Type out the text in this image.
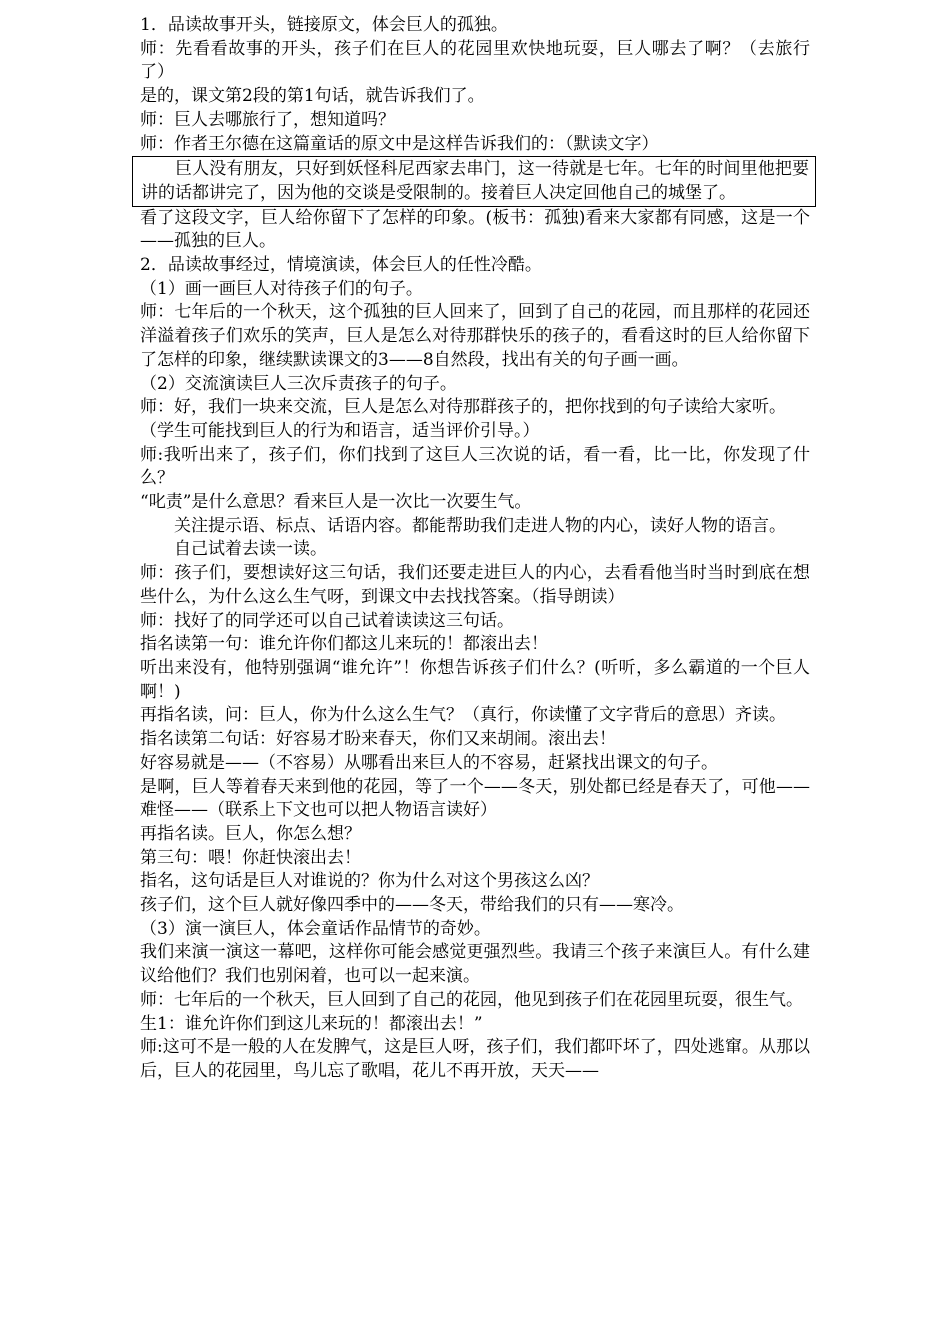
1．品读故事开头，链接原文，体会巨人的孤独。

师：先看看故事的开头，孩子们在巨人的花园里欢快地玩耍，巨人哪去了啊？（去旅行了）

是的，课文第2段的第1句话，就告诉我们了。

师：巨人去哪旅行了，想知道吗？

师：作者王尔德在这篇童话的原文中是这样告诉我们的：（默读文字）

巨人没有朋友，只好到妖怪科尼西家去串门，这一待就是七年。七年的时间里他把要讲的话都讲完了，因为他的交谈是受限制的。接着巨人决定回他自己的城堡了。

看了这段文字，巨人给你留下了怎样的印象。(板书：孤独)看来大家都有同感，这是一个——孤独的巨人。

2．品读故事经过，情境演读，体会巨人的任性冷酷。

（1）画一画巨人对待孩子们的句子。

师：七年后的一个秋天，这个孤独的巨人回来了，回到了自己的花园，而且那样的花园还洋溢着孩子们欢乐的笑声，巨人是怎么对待那群快乐的孩子的，看看这时的巨人给你留下了怎样的印象，继续默读课文的3——8自然段，找出有关的句子画一画。

（2）交流演读巨人三次斥责孩子的句子。

师：好，我们一块来交流，巨人是怎么对待那群孩子的，把你找到的句子读给大家听。

（学生可能找到巨人的行为和语言，适当评价引导。）

师:我听出来了，孩子们，你们找到了这巨人三次说的话，看一看，比一比，你发现了什么？

“叱责”是什么意思？看来巨人是一次比一次要生气。

关注提示语、标点、话语内容。都能帮助我们走进人物的内心，读好人物的语言。

自己试着去读一读。

师：孩子们，要想读好这三句话，我们还要走进巨人的内心，去看看他当时当时到底在想些什么，为什么这么生气呀，到课文中去找找答案。（指导朗读）

师：找好了的同学还可以自己试着读读这三句话。

指名读第一句：谁允许你们都这儿来玩的！都滚出去！

听出来没有，他特别强调“谁允许”！你想告诉孩子们什么？(听听，多么霸道的一个巨人啊！)

再指名读，问：巨人，你为什么这么生气？（真行，你读懂了文字背后的意思）齐读。

指名读第二句话：好容易才盼来春天，你们又来胡闹。滚出去！

好容易就是——（不容易）从哪看出来巨人的不容易，赶紧找出课文的句子。

是啊，巨人等着春天来到他的花园，等了一个——冬天，别处都已经是春天了，可他——难怪——（联系上下文也可以把人物语言读好）

再指名读。巨人，你怎么想？

第三句：喂！你赶快滚出去！

指名，这句话是巨人对谁说的？你为什么对这个男孩这么凶？

孩子们，这个巨人就好像四季中的——冬天，带给我们的只有——寒冷。

（3）演一演巨人，体会童话作品情节的奇妙。

我们来演一演这一幕吧，这样你可能会感觉更强烈些。我请三个孩子来演巨人。有什么建议给他们？我们也别闲着，也可以一起来演。

师：七年后的一个秋天，巨人回到了自己的花园，他见到孩子们在花园里玩耍，很生气。

生1：谁允许你们到这儿来玩的！都滚出去！”

师:这可不是一般的人在发脾气，这是巨人呀，孩子们，我们都吓坏了，四处逃窜。从那以后，巨人的花园里，鸟儿忘了歌唱，花儿不再开放，天天——
